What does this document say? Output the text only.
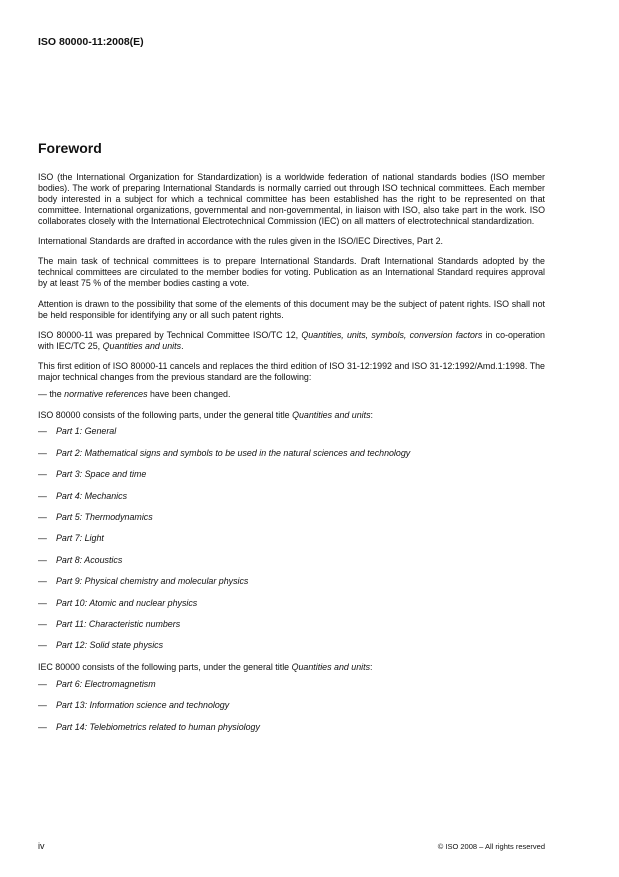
ISO 80000-11:2008(E)
Foreword

ISO (the International Organization for Standardization) is a worldwide federation of national standards bodies (ISO member bodies). The work of preparing International Standards is normally carried out through ISO technical committees. Each member body interested in a subject for which a technical committee has been established has the right to be represented on that committee. International organizations, governmental and non-governmental, in liaison with ISO, also take part in the work. ISO collaborates closely with the International Electrotechnical Commission (IEC) on all matters of electrotechnical standardization.

International Standards are drafted in accordance with the rules given in the ISO/IEC Directives, Part 2.

The main task of technical committees is to prepare International Standards. Draft International Standards adopted by the technical committees are circulated to the member bodies for voting. Publication as an International Standard requires approval by at least 75 % of the member bodies casting a vote.

Attention is drawn to the possibility that some of the elements of this document may be the subject of patent rights. ISO shall not be held responsible for identifying any or all such patent rights.

ISO 80000-11 was prepared by Technical Committee ISO/TC 12, Quantities, units, symbols, conversion factors in co-operation with IEC/TC 25, Quantities and units.

This first edition of ISO 80000-11 cancels and replaces the third edition of ISO 31-12:1992 and ISO 31-12:1992/Amd.1:1998. The major technical changes from the previous standard are the following:

— the normative references have been changed.

ISO 80000 consists of the following parts, under the general title Quantities and units:

— Part 1: General
— Part 2: Mathematical signs and symbols to be used in the natural sciences and technology
— Part 3: Space and time
— Part 4: Mechanics
— Part 5: Thermodynamics
— Part 7: Light
— Part 8: Acoustics
— Part 9: Physical chemistry and molecular physics
— Part 10: Atomic and nuclear physics
— Part 11: Characteristic numbers
— Part 12: Solid state physics

IEC 80000 consists of the following parts, under the general title Quantities and units:

— Part 6: Electromagnetism
— Part 13: Information science and technology
— Part 14: Telebiometrics related to human physiology
iv	© ISO 2008 – All rights reserved
